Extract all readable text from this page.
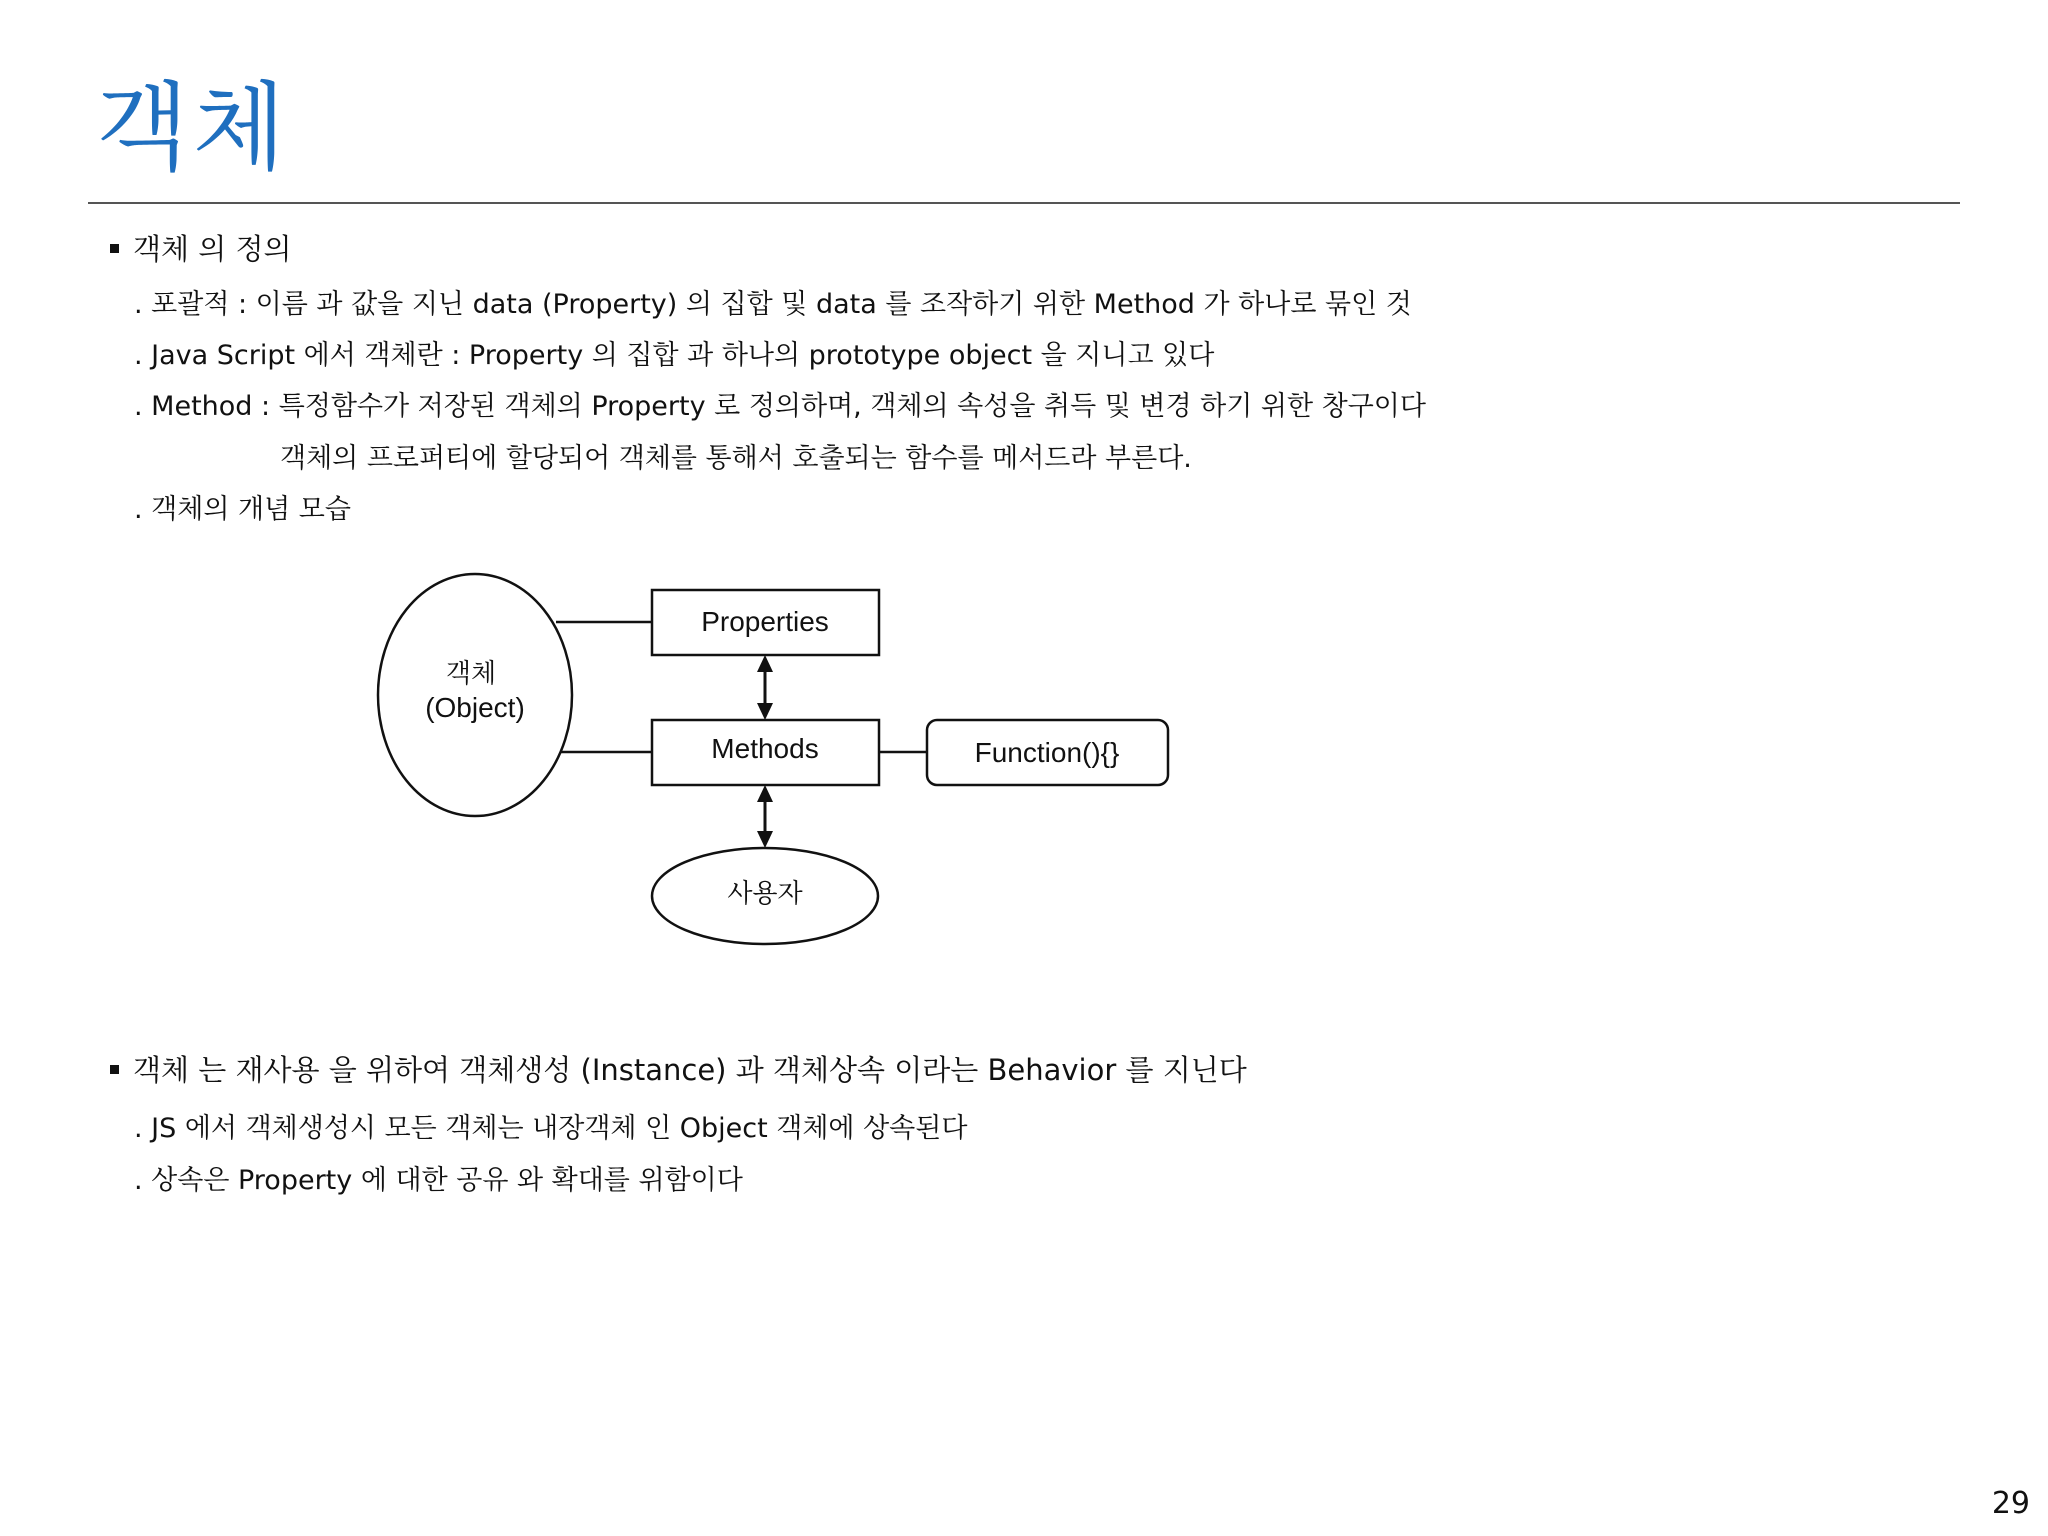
객체
객체 의 정의
. 포괄적 : 이름 과 값을 지닌 data (Property) 의 집합 및 data 를 조작하기 위한 Method 가 하나로 묶인 것
. Java Script 에서 객체란 : Property 의 집합 과 하나의 prototype object 을 지니고 있다
. Method : 특정함수가 저장된 객체의 Property 로 정의하며, 객체의 속성을 취득 및 변경 하기 위한 창구이다
객체의 프로퍼티에 할당되어 객체를 통해서 호출되는 함수를 메서드라 부른다.
. 객체의 개념 모습
객체
(Object)
Properties
Methods	Function(){}
사용자
객체 는 재사용 을 위하여 객체생성 (Instance) 과 객체상속 이라는 Behavior 를 지닌다
. JS 에서 객체생성시 모든 객체는 내장객체 인 Object 객체에 상속된다
. 상속은 Property 에 대한 공유 와 확대를 위함이다
29
